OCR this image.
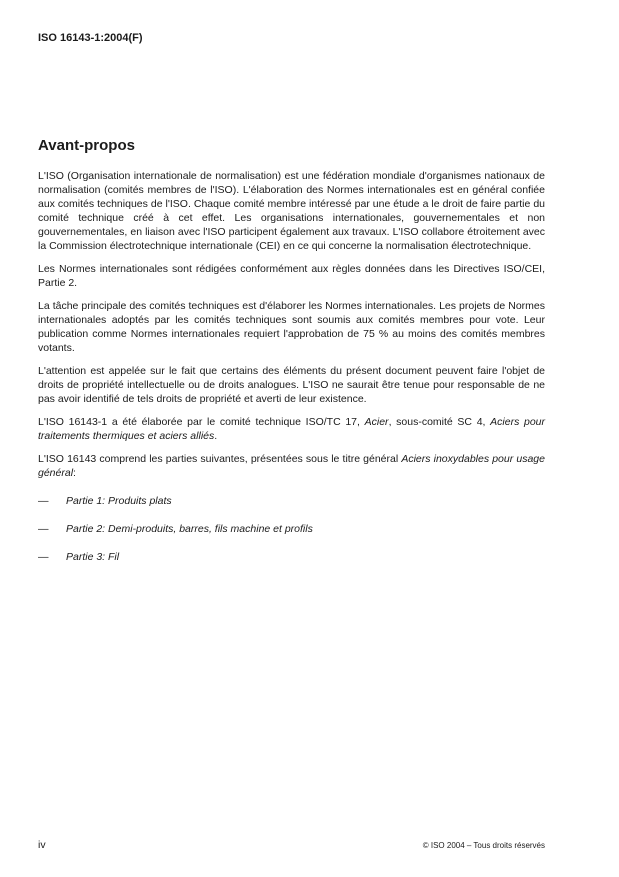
ISO 16143-1:2004(F)
Avant-propos

L'ISO (Organisation internationale de normalisation) est une fédération mondiale d'organismes nationaux de normalisation (comités membres de l'ISO). L'élaboration des Normes internationales est en général confiée aux comités techniques de l'ISO. Chaque comité membre intéressé par une étude a le droit de faire partie du comité technique créé à cet effet. Les organisations internationales, gouvernementales et non gouvernementales, en liaison avec l'ISO participent également aux travaux. L'ISO collabore étroitement avec la Commission électrotechnique internationale (CEI) en ce qui concerne la normalisation électrotechnique.

Les Normes internationales sont rédigées conformément aux règles données dans les Directives ISO/CEI, Partie 2.

La tâche principale des comités techniques est d'élaborer les Normes internationales. Les projets de Normes internationales adoptés par les comités techniques sont soumis aux comités membres pour vote. Leur publication comme Normes internationales requiert l'approbation de 75 % au moins des comités membres votants.

L'attention est appelée sur le fait que certains des éléments du présent document peuvent faire l'objet de droits de propriété intellectuelle ou de droits analogues. L'ISO ne saurait être tenue pour responsable de ne pas avoir identifié de tels droits de propriété et averti de leur existence.

L'ISO 16143-1 a été élaborée par le comité technique ISO/TC 17, Acier, sous-comité SC 4, Aciers pour traitements thermiques et aciers alliés.

L'ISO 16143 comprend les parties suivantes, présentées sous le titre général Aciers inoxydables pour usage général:

—	Partie 1: Produits plats
—	Partie 2: Demi-produits, barres, fils machine et profils
—	Partie 3: Fil
iv	© ISO 2004 – Tous droits réservés
